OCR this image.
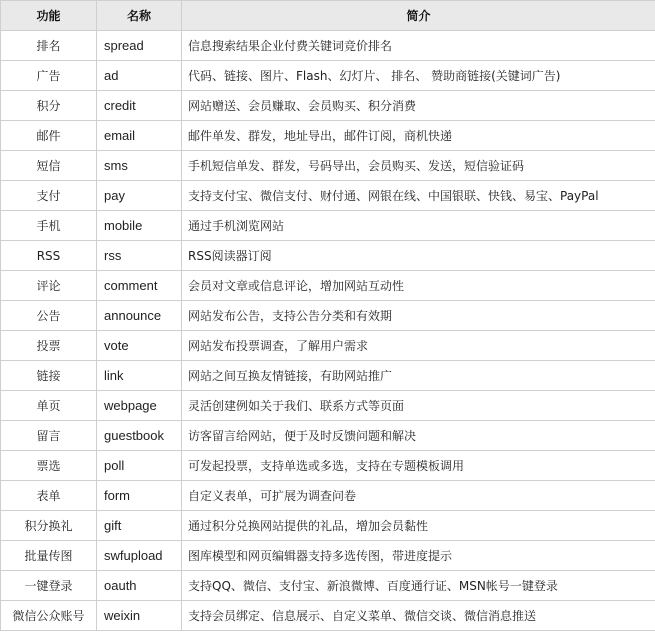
功能	名称	简介
排名	spread	信息搜索结果企业付费关键词竞价排名
广告	ad	代码、链接、图片、Flash、幻灯片、 排名、 赞助商链接(关键词广告)
积分	credit	网站赠送、会员赚取、会员购买、积分消费
邮件	email	邮件单发、群发，地址导出，邮件订阅，商机快递
短信	sms	手机短信单发、群发，号码导出，会员购买、发送，短信验证码
支付	pay	支持支付宝、微信支付、财付通、网银在线、中国银联、快钱、易宝、PayPal
手机	mobile	通过手机浏览网站
RSS	rss	RSS阅读器订阅
评论	comment	会员对文章或信息评论，增加网站互动性
公告	announce	网站发布公告，支持公告分类和有效期
投票	vote	网站发布投票调查，了解用户需求
链接	link	网站之间互换友情链接，有助网站推广
单页	webpage	灵活创建例如关于我们、联系方式等页面
留言	guestbook	访客留言给网站，便于及时反馈问题和解决
票选	poll	可发起投票，支持单选或多选，支持在专题模板调用
表单	form	自定义表单，可扩展为调查问卷
积分换礼	gift	通过积分兑换网站提供的礼品，增加会员黏性
批量传图	swfupload	图库模型和网页编辑器支持多选传图，带进度提示
一键登录	oauth	支持QQ、微信、支付宝、新浪微博、百度通行证、MSN帐号一键登录
微信公众账号	weixin	支持会员绑定、信息展示、自定义菜单、微信交谈、微信消息推送
